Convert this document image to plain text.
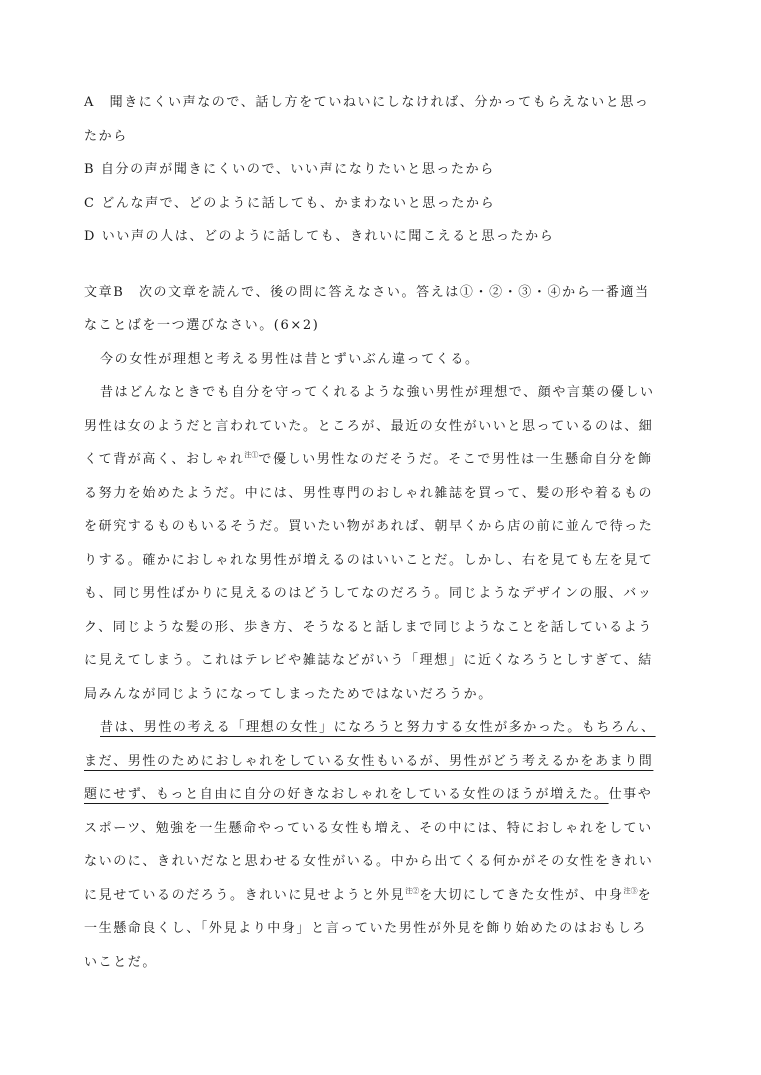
A　聞きにくい声なので、話し方をていねいにしなければ、分かってもらえないと思っ
たから
B 自分の声が聞きにくいので、いい声になりたいと思ったから
C どんな声で、どのように話しても、かまわないと思ったから
D いい声の人は、どのように話しても、きれいに聞こえると思ったから
文章B　次の文章を読んで、後の問に答えなさい。答えは①・②・③・④から一番適当
なことばを一つ選びなさい。(6×2)
今の女性が理想と考える男性は昔とずいぶん違ってくる。
昔はどんなときでも自分を守ってくれるような強い男性が理想で、顔や言葉の優しい
男性は女のようだと言われていた。ところが、最近の女性がいいと思っているのは、細
くて背が高く、おしゃれ$^{注①}$で優しい男性なのだそうだ。そこで男性は一生懸命自分を飾
る努力を始めたようだ。中には、男性専門のおしゃれ雑誌を買って、髪の形や着るもの
を研究するものもいるそうだ。買いたい物があれば、朝早くから店の前に並んで待った
りする。確かにおしゃれな男性が増えるのはいいことだ。しかし、右を見ても左を見て
も、同じ男性ばかりに見えるのはどうしてなのだろう。同じようなデザインの服、バッ
ク、同じような髪の形、歩き方、そうなると話しまで同じようなことを話しているよう
に見えてしまう。これはテレビや雑誌などがいう「理想」に近くなろうとしすぎて、結
局みんなが同じようになってしまったためではないだろうか。
昔は、男性の考える「理想の女性」になろうと努力する女性が多かった。もちろん、
まだ、男性のためにおしゃれをしている女性もいるが、男性がどう考えるかをあまり問
題にせず、もっと自由に自分の好きなおしゃれをしている女性のほうが増えた。仕事や
スポーツ、勉強を一生懸命やっている女性も増え、その中には、特におしゃれをしてい
ないのに、きれいだなと思わせる女性がいる。中から出てくる何かがその女性をきれい
に見せているのだろう。きれいに見せようと外見$^{注②}$を大切にしてきた女性が、中身$^{注③}$を
一生懸命良くし、「外見より中身」と言っていた男性が外見を飾り始めたのはおもしろ
いことだ。
